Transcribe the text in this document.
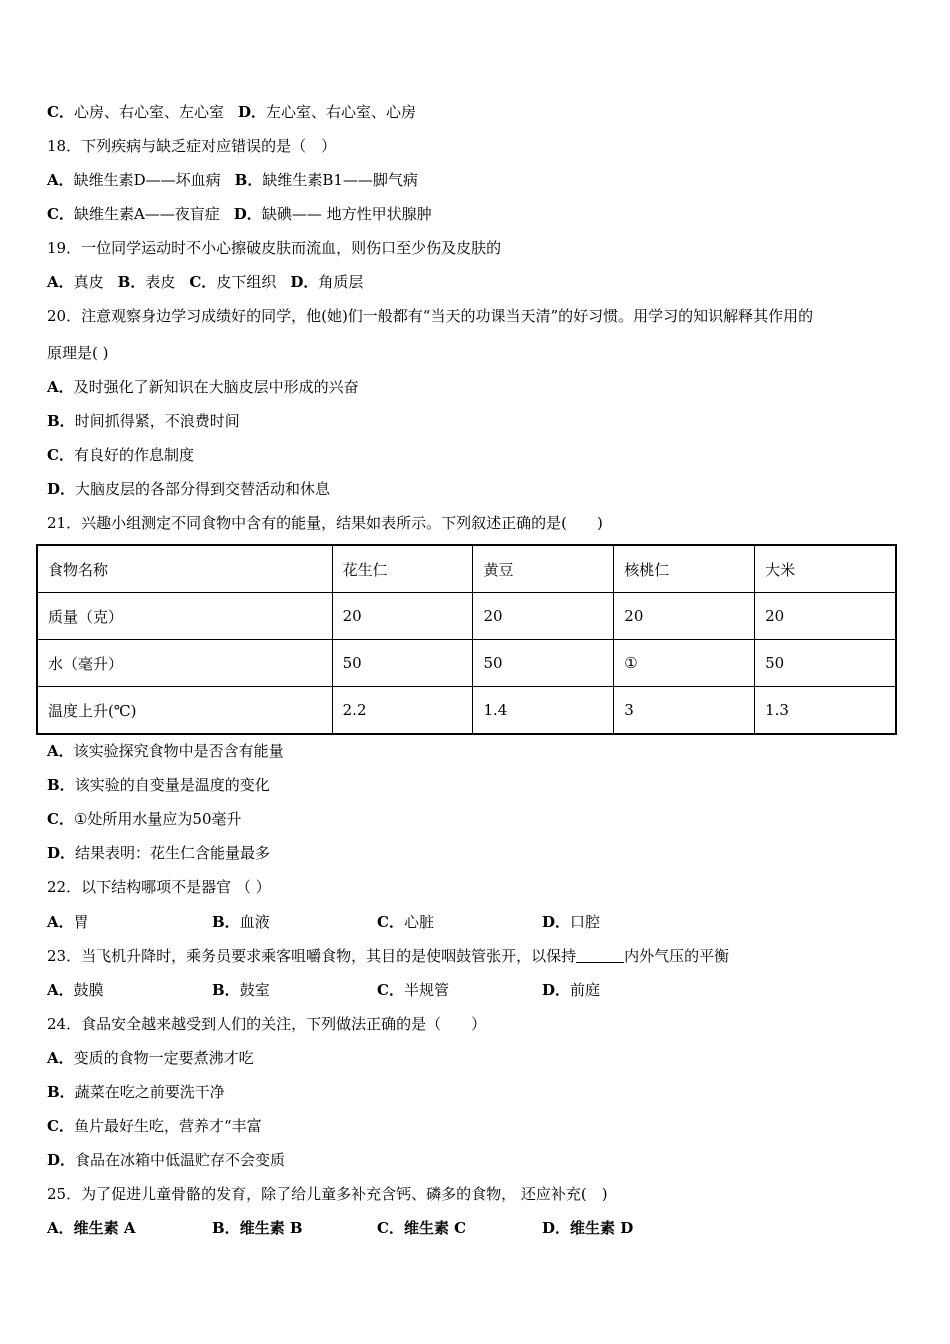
C．心房、右心室、左心室 D．左心室、右心室、心房
18．下列疾病与缺乏症对应错误的是（　）
A．缺维生素D——坏血病 B．缺维生素B1——脚气病
C．缺维生素A——夜盲症 D．缺碘—— 地方性甲状腺肿
19．一位同学运动时不小心擦破皮肤而流血，则伤口至少伤及皮肤的
A．真皮 B．表皮 C．皮下组织 D．角质层
20．注意观察身边学习成绩好的同学，他(她)们一般都有“当天的功课当天清”的好习惯。用学习的知识解释其作用的
原理是( )
A．及时强化了新知识在大脑皮层中形成的兴奋
B．时间抓得紧，不浪费时间
C．有良好的作息制度
D．大脑皮层的各部分得到交替活动和休息
21．兴趣小组测定不同食物中含有的能量，结果如表所示。下列叙述正确的是(　　)
食物名称	花生仁	黄豆	核桃仁	大米
质量（克）	20	20	20	20
水（毫升）	50	50	①	50
温度上升(℃)	2.2	1.4	3	1.3
A．该实验探究食物中是否含有能量
B．该实验的自变量是温度的变化
C．①处所用水量应为50毫升
D．结果表明：花生仁含能量最多
22．以下结构哪项不是器官 （ ）
A．胃	B．血液	C．心脏	D．口腔
23．当飞机升降时，乘务员要求乘客咀嚼食物，其目的是使咽鼓管张开，以保持	内外气压的平衡
A．鼓膜	B．鼓室	C．半规管	D．前庭
24．食品安全越来越受到人们的关注，下列做法正确的是（　　）
A．变质的食物一定要煮沸才吃
B．蔬菜在吃之前要洗干净
C．鱼片最好生吃，营养才“丰富
D．食品在冰箱中低温贮存不会变质
25．为了促进儿童骨骼的发育，除了给儿童多补充含钙、磷多的食物， 还应补充(　)
A．维生素 A	B．维生素 B	C．维生素 C	D．维生素 D
